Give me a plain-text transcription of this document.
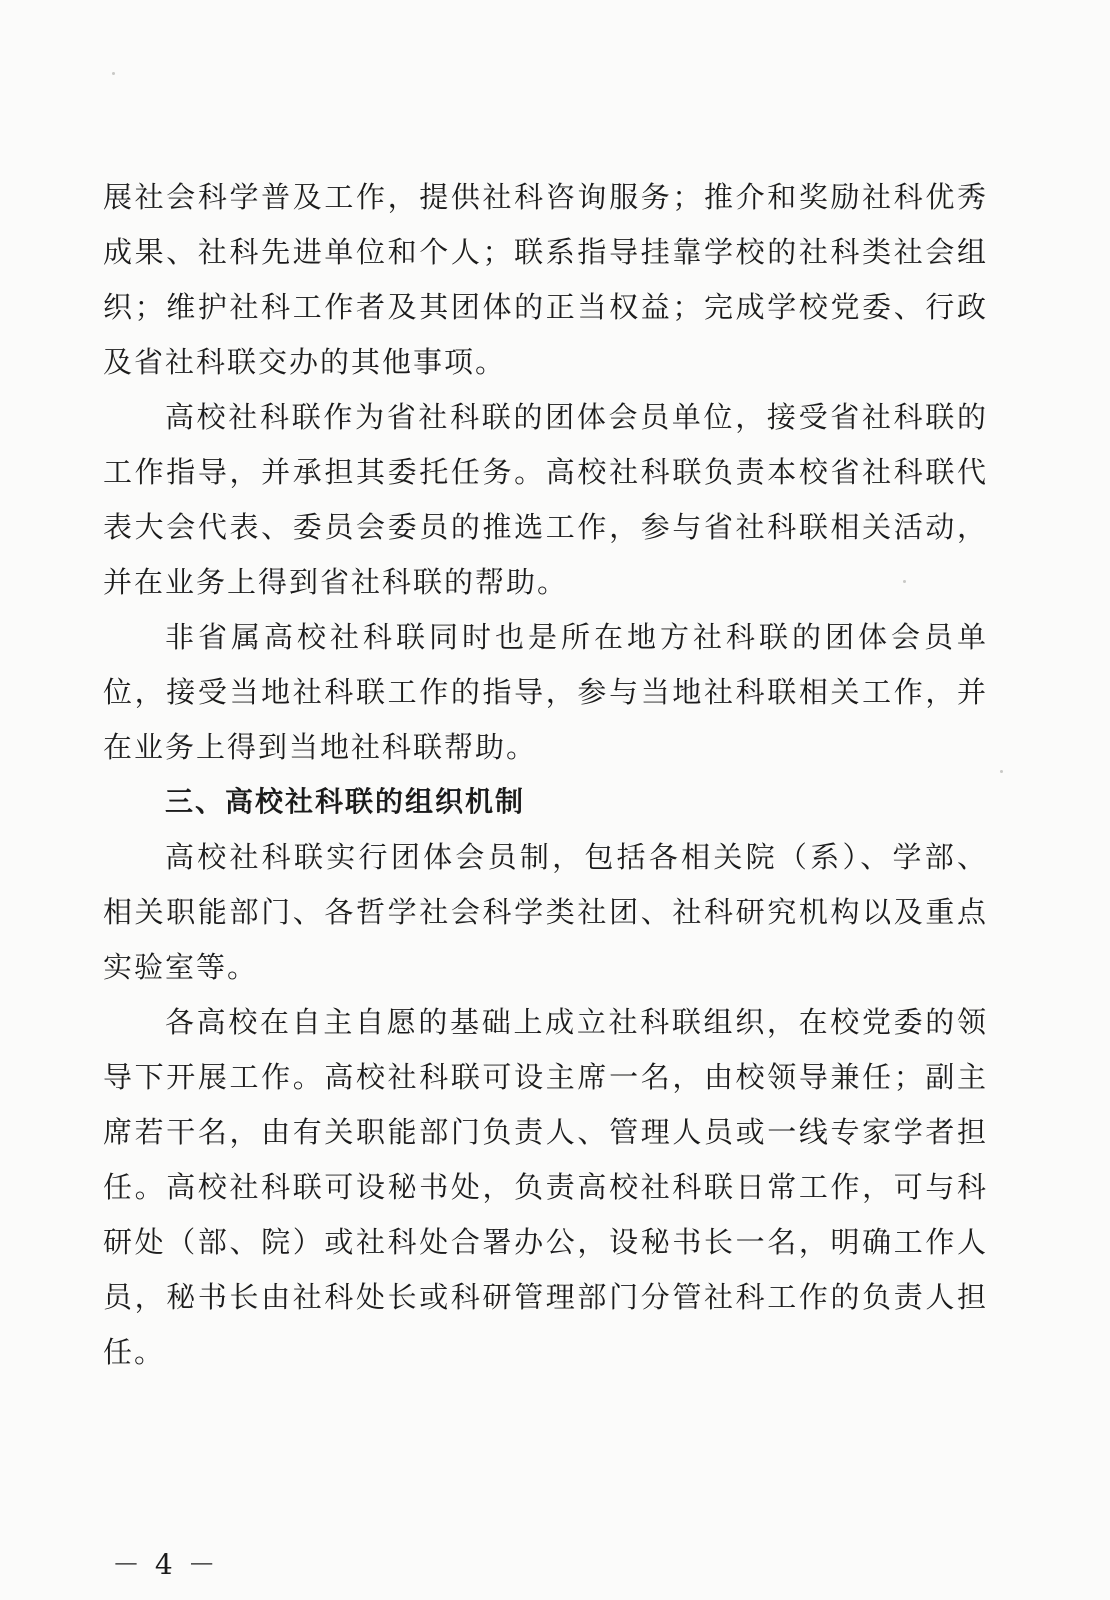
展社会科学普及工作，提供社科咨询服务；推介和奖励社科优秀
成果、社科先进单位和个人；联系指导挂靠学校的社科类社会组
织；维护社科工作者及其团体的正当权益；完成学校党委、行政
及省社科联交办的其他事项。
高校社科联作为省社科联的团体会员单位，接受省社科联的
工作指导，并承担其委托任务。高校社科联负责本校省社科联代
表大会代表、委员会委员的推选工作，参与省社科联相关活动，
并在业务上得到省社科联的帮助。
非省属高校社科联同时也是所在地方社科联的团体会员单
位，接受当地社科联工作的指导，参与当地社科联相关工作，并
在业务上得到当地社科联帮助。
三、高校社科联的组织机制
高校社科联实行团体会员制，包括各相关院（系）、学部、
相关职能部门、各哲学社会科学类社团、社科研究机构以及重点
实验室等。
各高校在自主自愿的基础上成立社科联组织，在校党委的领
导下开展工作。高校社科联可设主席一名，由校领导兼任；副主
席若干名，由有关职能部门负责人、管理人员或一线专家学者担
任。高校社科联可设秘书处，负责高校社科联日常工作，可与科
研处（部、院）或社科处合署办公，设秘书长一名，明确工作人
员，秘书长由社科处长或科研管理部门分管社科工作的负责人担
任。
－ 4 －
